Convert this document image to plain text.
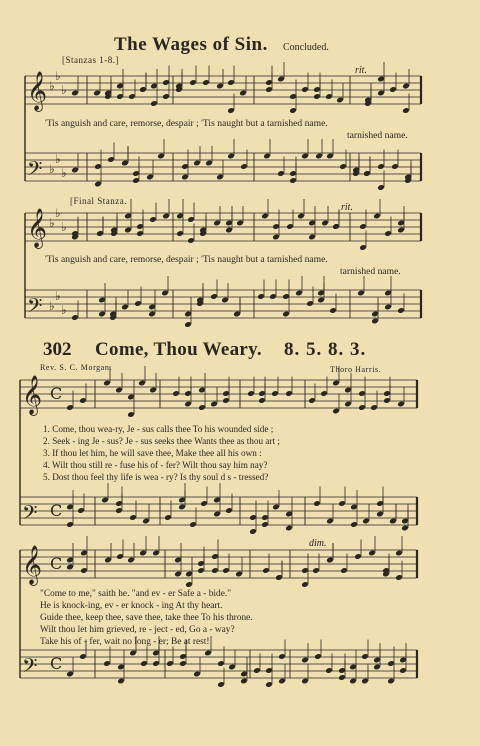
𝄞 ♭
♭
♭
𝄢 ♭
♭
♭
𝄞 ♭
♭
♭
𝄢 ♭
♭
♭
𝄞 C
𝄢 C
𝄞 C
𝄢 C
The Wages of Sin. Concluded.
[Stanzas 1-8.]
rit.
'Tis anguish and care, remorse, despair ; 'Tis naught but a tarnished name.
tarnished name.
[Final Stanza.
rit.
'Tis anguish and care, remorse, despair ; 'Tis naught but a tarnished name.
tarnished name.
302 Come, Thou Weary. 8. 5. 8. 3.
Rev. S. C. Morgan.	Thoro Harris.
1. Come, thou wea-ry, Je - sus calls thee To his wounded side ;
2. Seek - ing Je - sus? Je - sus seeks thee Wants thee as thou art ;
3. If thou let him, he will save thee, Make thee all his own :
4. Wilt thou still re - fuse his of - fer? Wilt thou say him nay?
5. Dost thou feel thy life is wea - ry? Is thy soul d s - tressed?
dim.
"Come to me," saith he. "and ev - er Safe a - bide."
He is knock-ing, ev - er knock - ing At thy heart.
Guide thee, keep thee, save thee, take thee To his throne.
Wilt thou let him grieved, re - ject - ed, Go a - way?
Take his of - fer, wait no long - er; Be at rest!
